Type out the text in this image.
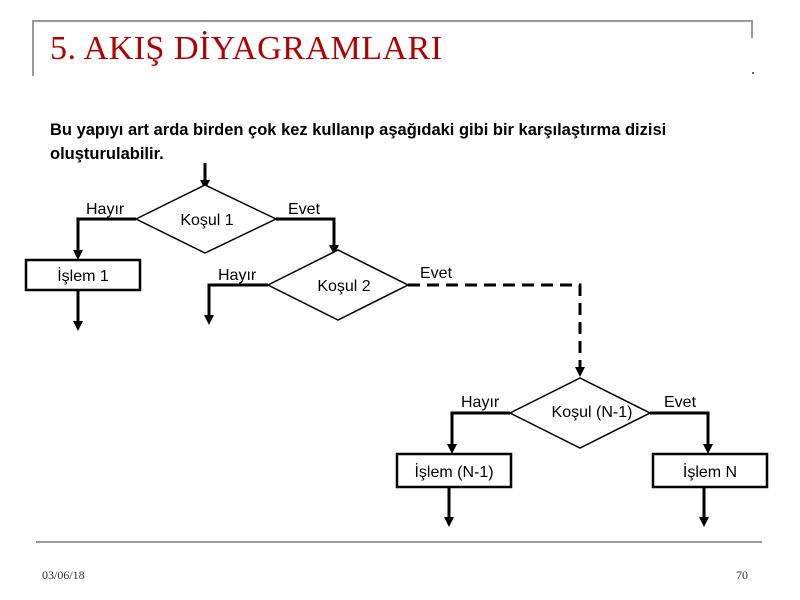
5. AKIŞ DİYAGRAMLARI

Bu yapıyı art arda birden çok kez kullanıp aşağıdaki gibi bir karşılaştırma dizisi oluşturulabilir.

Koşul 1
Hayır	Evet
İşlem 1
Koşul 2
Hayır	Evet
Koşul (N-1)
Hayır	Evet
İşlem (N-1)	İşlem N
03/06/18	70
